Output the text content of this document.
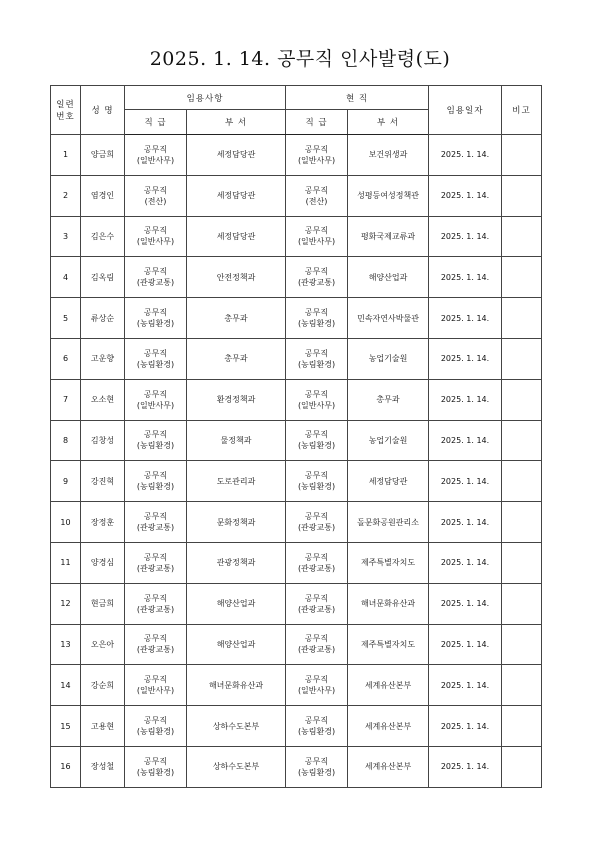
2025. 1. 14. 공무직 인사발령(도)
일련
번호	성 명	임용사항		현 직		임용일자	비고
		직 급	부 서	직 급	부 서		
1	양금희	공무직
(일반사무)	세정담당관	공무직
(일반사무)	보건위생과	2025. 1. 14.	
2	염경인	공무직
(전산)	세정담당관	공무직
(전산)	성평등여성정책관	2025. 1. 14.	
3	김은수	공무직
(일반사무)	세정담당관	공무직
(일반사무)	평화국제교류과	2025. 1. 14.	
4	김옥림	공무직
(관광교통)	안전정책과	공무직
(관광교통)	해양산업과	2025. 1. 14.	
5	류상순	공무직
(농림환경)	총무과	공무직
(농림환경)	민속자연사박물관	2025. 1. 14.	
6	고운향	공무직
(농림환경)	총무과	공무직
(농림환경)	농업기술원	2025. 1. 14.	
7	오소현	공무직
(일반사무)	환경정책과	공무직
(일반사무)	총무과	2025. 1. 14.	
8	김창성	공무직
(농림환경)	물정책과	공무직
(농림환경)	농업기술원	2025. 1. 14.	
9	강진혁	공무직
(농림환경)	도로관리과	공무직
(농림환경)	세정담당관	2025. 1. 14.	
10	장정훈	공무직
(관광교통)	문화정책과	공무직
(관광교통)	돌문화공원관리소	2025. 1. 14.	
11	양경심	공무직
(관광교통)	관광정책과	공무직
(관광교통)	제주특별자치도	2025. 1. 14.	
12	현금희	공무직
(관광교통)	해양산업과	공무직
(관광교통)	해녀문화유산과	2025. 1. 14.	
13	오은아	공무직
(관광교통)	해양산업과	공무직
(관광교통)	제주특별자치도	2025. 1. 14.	
14	강순희	공무직
(일반사무)	해녀문화유산과	공무직
(일반사무)	세계유산본부	2025. 1. 14.	
15	고용현	공무직
(농림환경)	상하수도본부	공무직
(농림환경)	세계유산본부	2025. 1. 14.	
16	장성철	공무직
(농림환경)	상하수도본부	공무직
(농림환경)	세계유산본부	2025. 1. 14.	
